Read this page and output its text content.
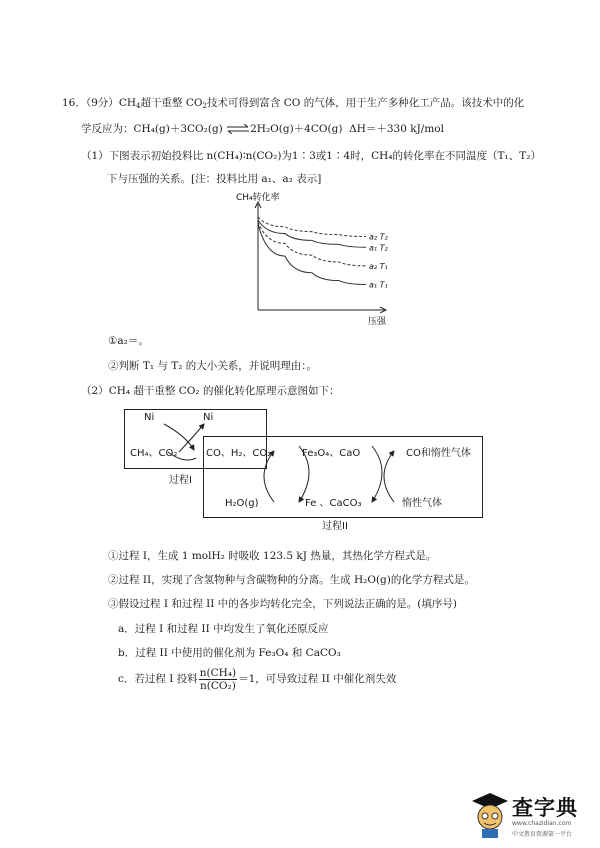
16．（9分）$CH_4$超干重整 $CO_2$技术可得到富含 CO 的气体，用于生产多种化工产品。该技术中的化
学反应为：CH₄(g)＋3CO₂(g) ⇌2H₂O(g)＋4CO(g) ΔH＝＋330 kJ/mol
（1）下图表示初始投料比 n(CH₄)∶n(CO₂)为1∶3或1∶4时，CH₄的转化率在不同温度（T₁、T₂）
下与压强的关系。[注：投料比用 a₁、a₂ 表示]
CH₄转化率
压强
a₂ T₂
a₁ T₂
a₂ T₁
a₁ T₁
①a₂＝。
②判断 T₁ 与 T₂ 的大小关系，并说明理由：。
（2）CH₄ 超干重整 CO₂ 的催化转化原理示意图如下：
Ni	Ni
CH₄、CO₂	CO、H₂、CO₂	Fe₃O₄、CaO	CO和惰性气体
过程I
H₂O(g)	Fe 、CaCO₃	惰性气体
过程II
①过程 I，生成 1 molH₂ 时吸收 123.5 kJ 热量，其热化学方程式是。
②过程 II，实现了含氢物种与含碳物种的分离。生成 H₂O(g)的化学方程式是。
③假设过程 I 和过程 II 中的各步均转化完全，下列说法正确的是。(填序号)
a．过程 I 和过程 II 中均发生了氧化还原反应
b．过程 II 中使用的催化剂为 Fe₃O₄ 和 CaCO₃
c．若过程 I 投料 $\frac{\text{n(CH₄)}}{\text{n(CO₂)}} =1$，可导致过程 II 中催化剂失效
查字典
www.chazidian.com
中文教育资源第一平台
